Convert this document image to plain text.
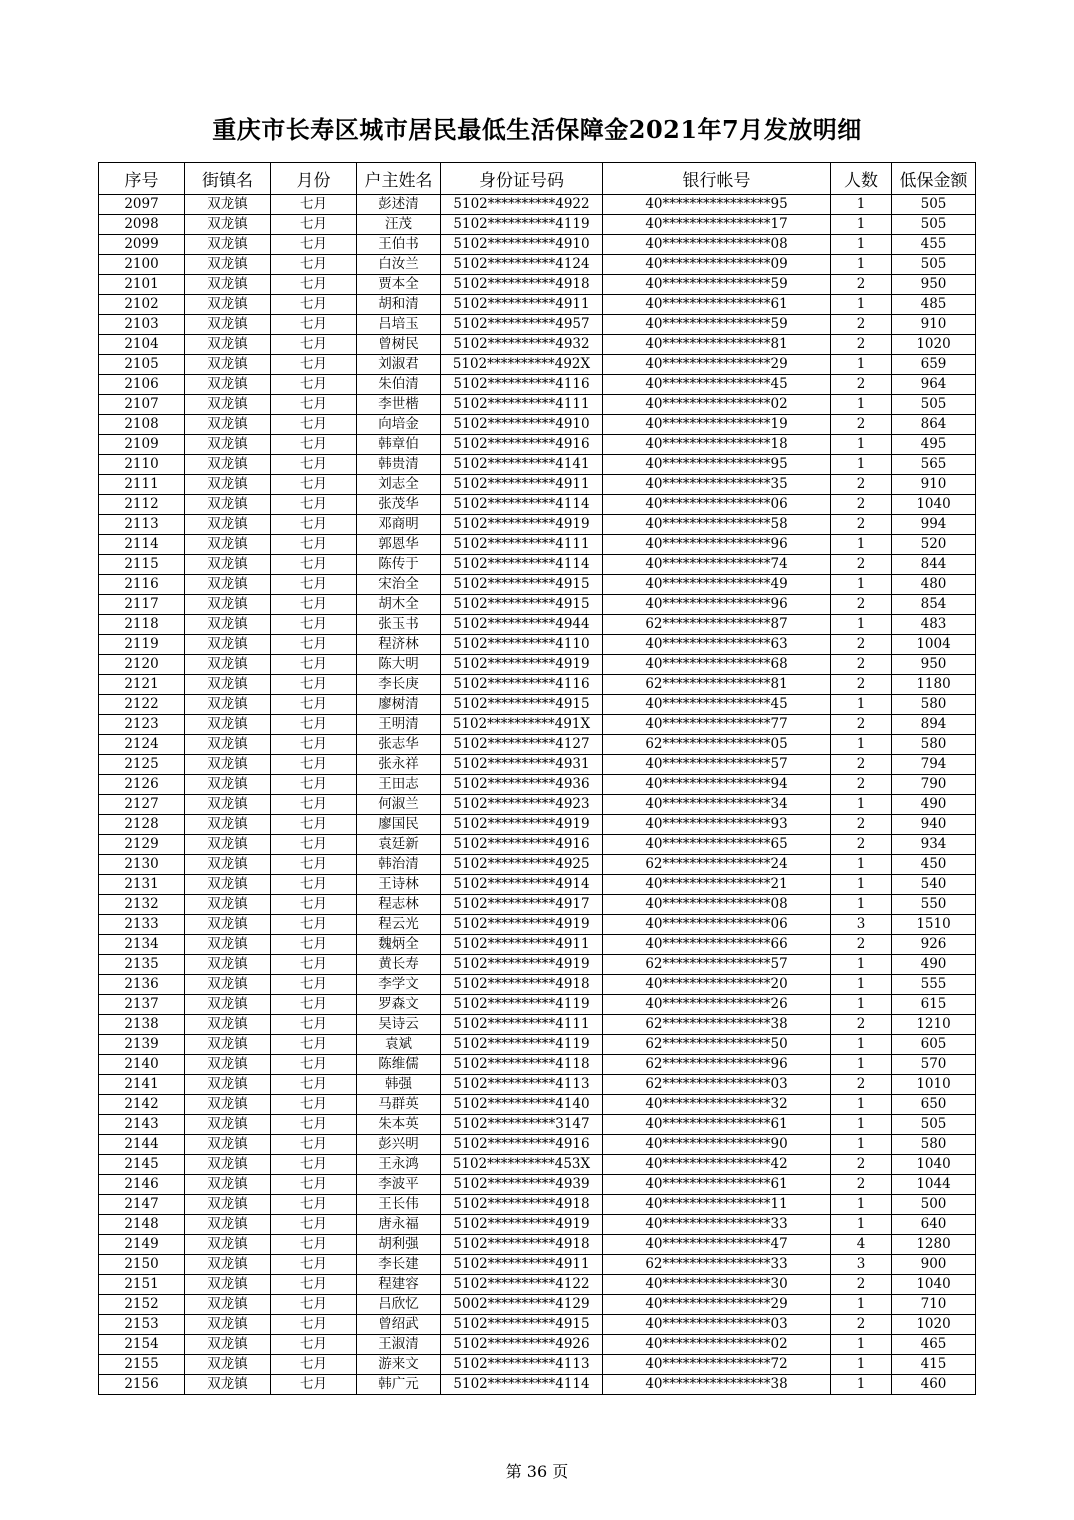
重庆市长寿区城市居民最低生活保障金2021年7月发放明细
序号	街镇名	月份	户主姓名	身份证号码	银行帐号	人数	低保金额
2097	双龙镇	七月	彭述清	5102**********4922	40****************95	1	505
2098	双龙镇	七月	汪茂	5102**********4119	40****************17	1	505
2099	双龙镇	七月	王伯书	5102**********4910	40****************08	1	455
2100	双龙镇	七月	白汝兰	5102**********4124	40****************09	1	505
2101	双龙镇	七月	贾本全	5102**********4918	40****************59	2	950
2102	双龙镇	七月	胡和清	5102**********4911	40****************61	1	485
2103	双龙镇	七月	吕培玉	5102**********4957	40****************59	2	910
2104	双龙镇	七月	曾树民	5102**********4932	40****************81	2	1020
2105	双龙镇	七月	刘淑君	5102**********492X	40****************29	1	659
2106	双龙镇	七月	朱伯清	5102**********4116	40****************45	2	964
2107	双龙镇	七月	李世楷	5102**********4111	40****************02	1	505
2108	双龙镇	七月	向培金	5102**********4910	40****************19	2	864
2109	双龙镇	七月	韩章伯	5102**********4916	40****************18	1	495
2110	双龙镇	七月	韩贵清	5102**********4141	40****************95	1	565
2111	双龙镇	七月	刘志全	5102**********4911	40****************35	2	910
2112	双龙镇	七月	张茂华	5102**********4114	40****************06	2	1040
2113	双龙镇	七月	邓商明	5102**********4919	40****************58	2	994
2114	双龙镇	七月	郭恩华	5102**********4111	40****************96	1	520
2115	双龙镇	七月	陈传于	5102**********4114	40****************74	2	844
2116	双龙镇	七月	宋治全	5102**********4915	40****************49	1	480
2117	双龙镇	七月	胡木全	5102**********4915	40****************96	2	854
2118	双龙镇	七月	张玉书	5102**********4944	62****************87	1	483
2119	双龙镇	七月	程济林	5102**********4110	40****************63	2	1004
2120	双龙镇	七月	陈大明	5102**********4919	40****************68	2	950
2121	双龙镇	七月	李长庚	5102**********4116	62****************81	2	1180
2122	双龙镇	七月	廖树清	5102**********4915	40****************45	1	580
2123	双龙镇	七月	王明清	5102**********491X	40****************77	2	894
2124	双龙镇	七月	张志华	5102**********4127	62****************05	1	580
2125	双龙镇	七月	张永祥	5102**********4931	40****************57	2	794
2126	双龙镇	七月	王田志	5102**********4936	40****************94	2	790
2127	双龙镇	七月	何淑兰	5102**********4923	40****************34	1	490
2128	双龙镇	七月	廖国民	5102**********4919	40****************93	2	940
2129	双龙镇	七月	袁廷新	5102**********4916	40****************65	2	934
2130	双龙镇	七月	韩治清	5102**********4925	62****************24	1	450
2131	双龙镇	七月	王诗林	5102**********4914	40****************21	1	540
2132	双龙镇	七月	程志林	5102**********4917	40****************08	1	550
2133	双龙镇	七月	程云光	5102**********4919	40****************06	3	1510
2134	双龙镇	七月	魏炳全	5102**********4911	40****************66	2	926
2135	双龙镇	七月	黄长寿	5102**********4919	62****************57	1	490
2136	双龙镇	七月	李学文	5102**********4918	40****************20	1	555
2137	双龙镇	七月	罗森文	5102**********4119	40****************26	1	615
2138	双龙镇	七月	吴诗云	5102**********4111	62****************38	2	1210
2139	双龙镇	七月	袁斌	5102**********4119	62****************50	1	605
2140	双龙镇	七月	陈维儒	5102**********4118	62****************96	1	570
2141	双龙镇	七月	韩强	5102**********4113	62****************03	2	1010
2142	双龙镇	七月	马群英	5102**********4140	40****************32	1	650
2143	双龙镇	七月	朱本英	5102**********3147	40****************61	1	505
2144	双龙镇	七月	彭兴明	5102**********4916	40****************90	1	580
2145	双龙镇	七月	王永鸿	5102**********453X	40****************42	2	1040
2146	双龙镇	七月	李波平	5102**********4939	40****************61	2	1044
2147	双龙镇	七月	王长伟	5102**********4918	40****************11	1	500
2148	双龙镇	七月	唐永福	5102**********4919	40****************33	1	640
2149	双龙镇	七月	胡利强	5102**********4918	40****************47	4	1280
2150	双龙镇	七月	李长建	5102**********4911	62****************33	3	900
2151	双龙镇	七月	程建容	5102**********4122	40****************30	2	1040
2152	双龙镇	七月	吕欣忆	5002**********4129	40****************29	1	710
2153	双龙镇	七月	曾绍武	5102**********4915	40****************03	2	1020
2154	双龙镇	七月	王淑清	5102**********4926	40****************02	1	465
2155	双龙镇	七月	游来文	5102**********4113	40****************72	1	415
2156	双龙镇	七月	韩广元	5102**********4114	40****************38	1	460
第 36 页
